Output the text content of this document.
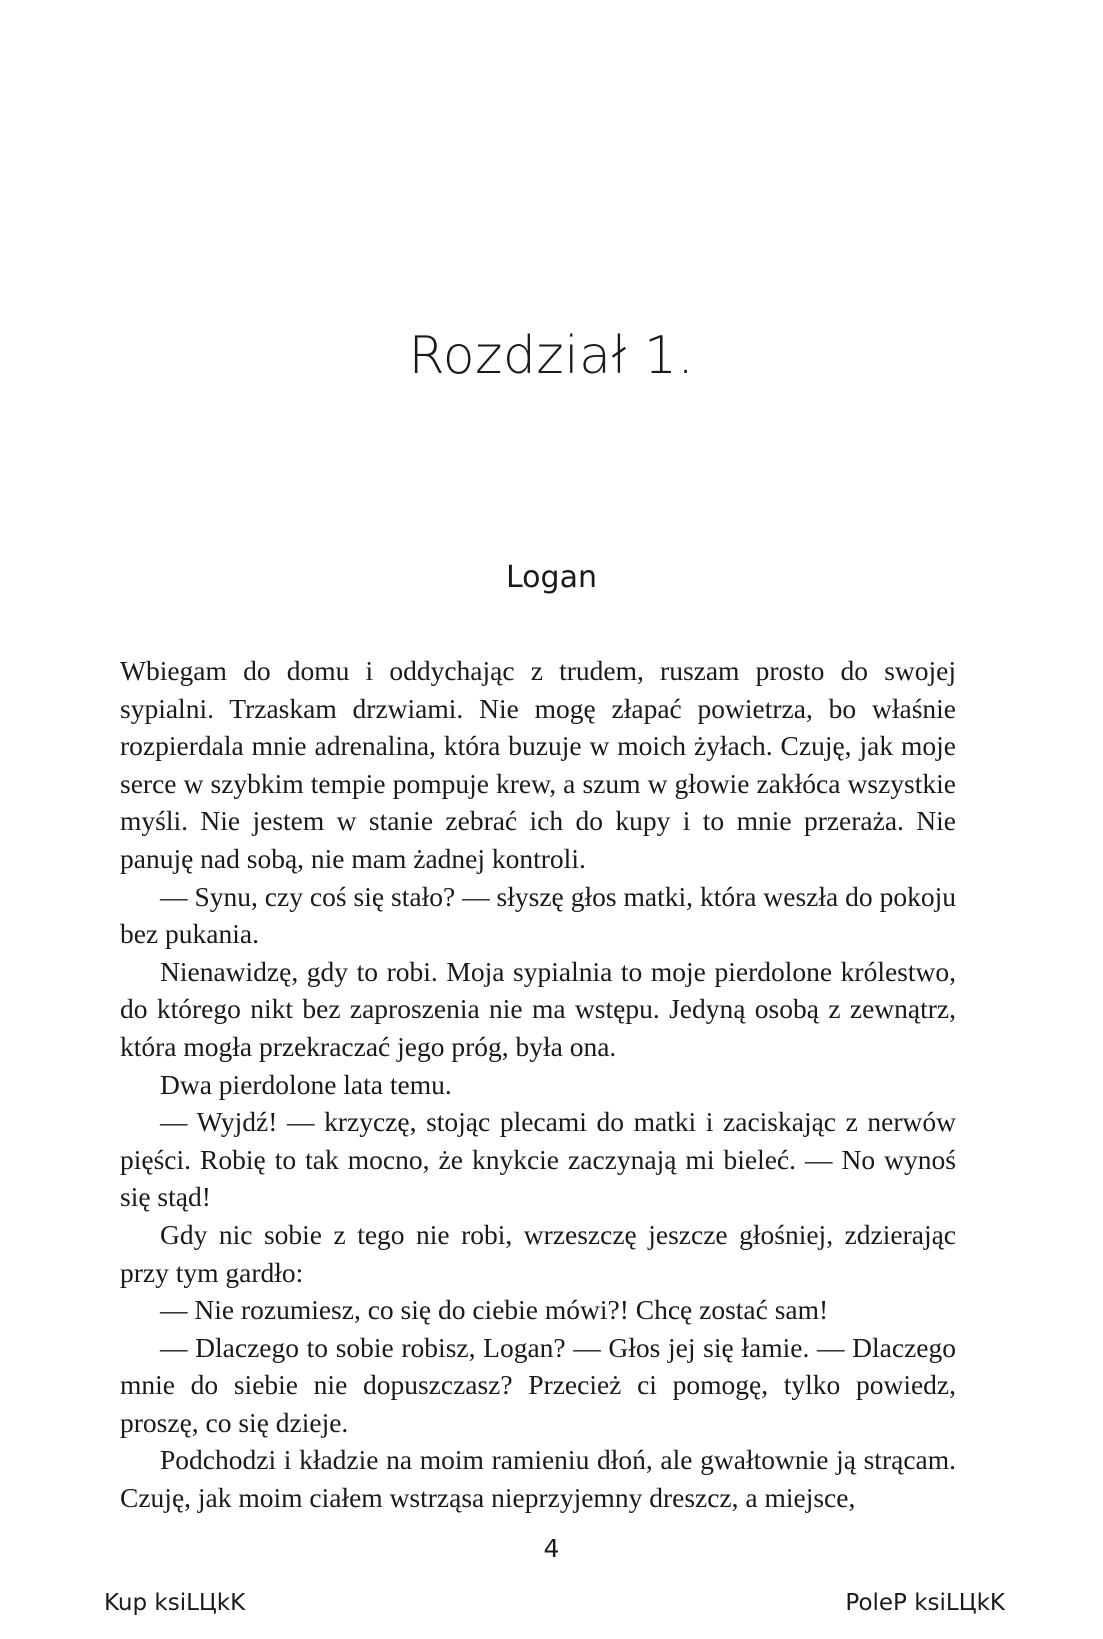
Rozdział 1.
Logan

Wbiegam do domu i oddychając z trudem, ruszam prosto do swojej sypialni. Trzaskam drzwiami. Nie mogę złapać powietrza, bo właśnie rozpierdala mnie adrenalina, która buzuje w moich żyłach. Czuję, jak moje serce w szybkim tempie pompuje krew, a szum w głowie zakłóca wszystkie myśli. Nie jestem w stanie zebrać ich do kupy i to mnie przeraża. Nie panuję nad sobą, nie mam żadnej kontroli.

— Synu, czy coś się stało? — słyszę głos matki, która weszła do pokoju bez pukania.

Nienawidzę, gdy to robi. Moja sypialnia to moje pierdolone królestwo, do którego nikt bez zaproszenia nie ma wstępu. Jedyną osobą z zewnątrz, która mogła przekraczać jego próg, była ona.

Dwa pierdolone lata temu.

— Wyjdź! — krzyczę, stojąc plecami do matki i zaciskając z nerwów pięści. Robię to tak mocno, że knykcie zaczynają mi bieleć. — No wynoś się stąd!

Gdy nic sobie z tego nie robi, wrzeszczę jeszcze głośniej, zdzierając przy tym gardło:

— Nie rozumiesz, co się do ciebie mówi?! Chcę zostać sam!

— Dlaczego to sobie robisz, Logan? — Głos jej się łamie. — Dlaczego mnie do siebie nie dopuszczasz? Przecież ci pomogę, tylko powiedz, proszę, co się dzieje.

Podchodzi i kładzie na moim ramieniu dłoń, ale gwałtownie ją strącam. Czuję, jak moim ciałem wstrząsa nieprzyjemny dreszcz, a miejsce,

4
Kup ksiLЦkK	PoleP ksiLЦkK
